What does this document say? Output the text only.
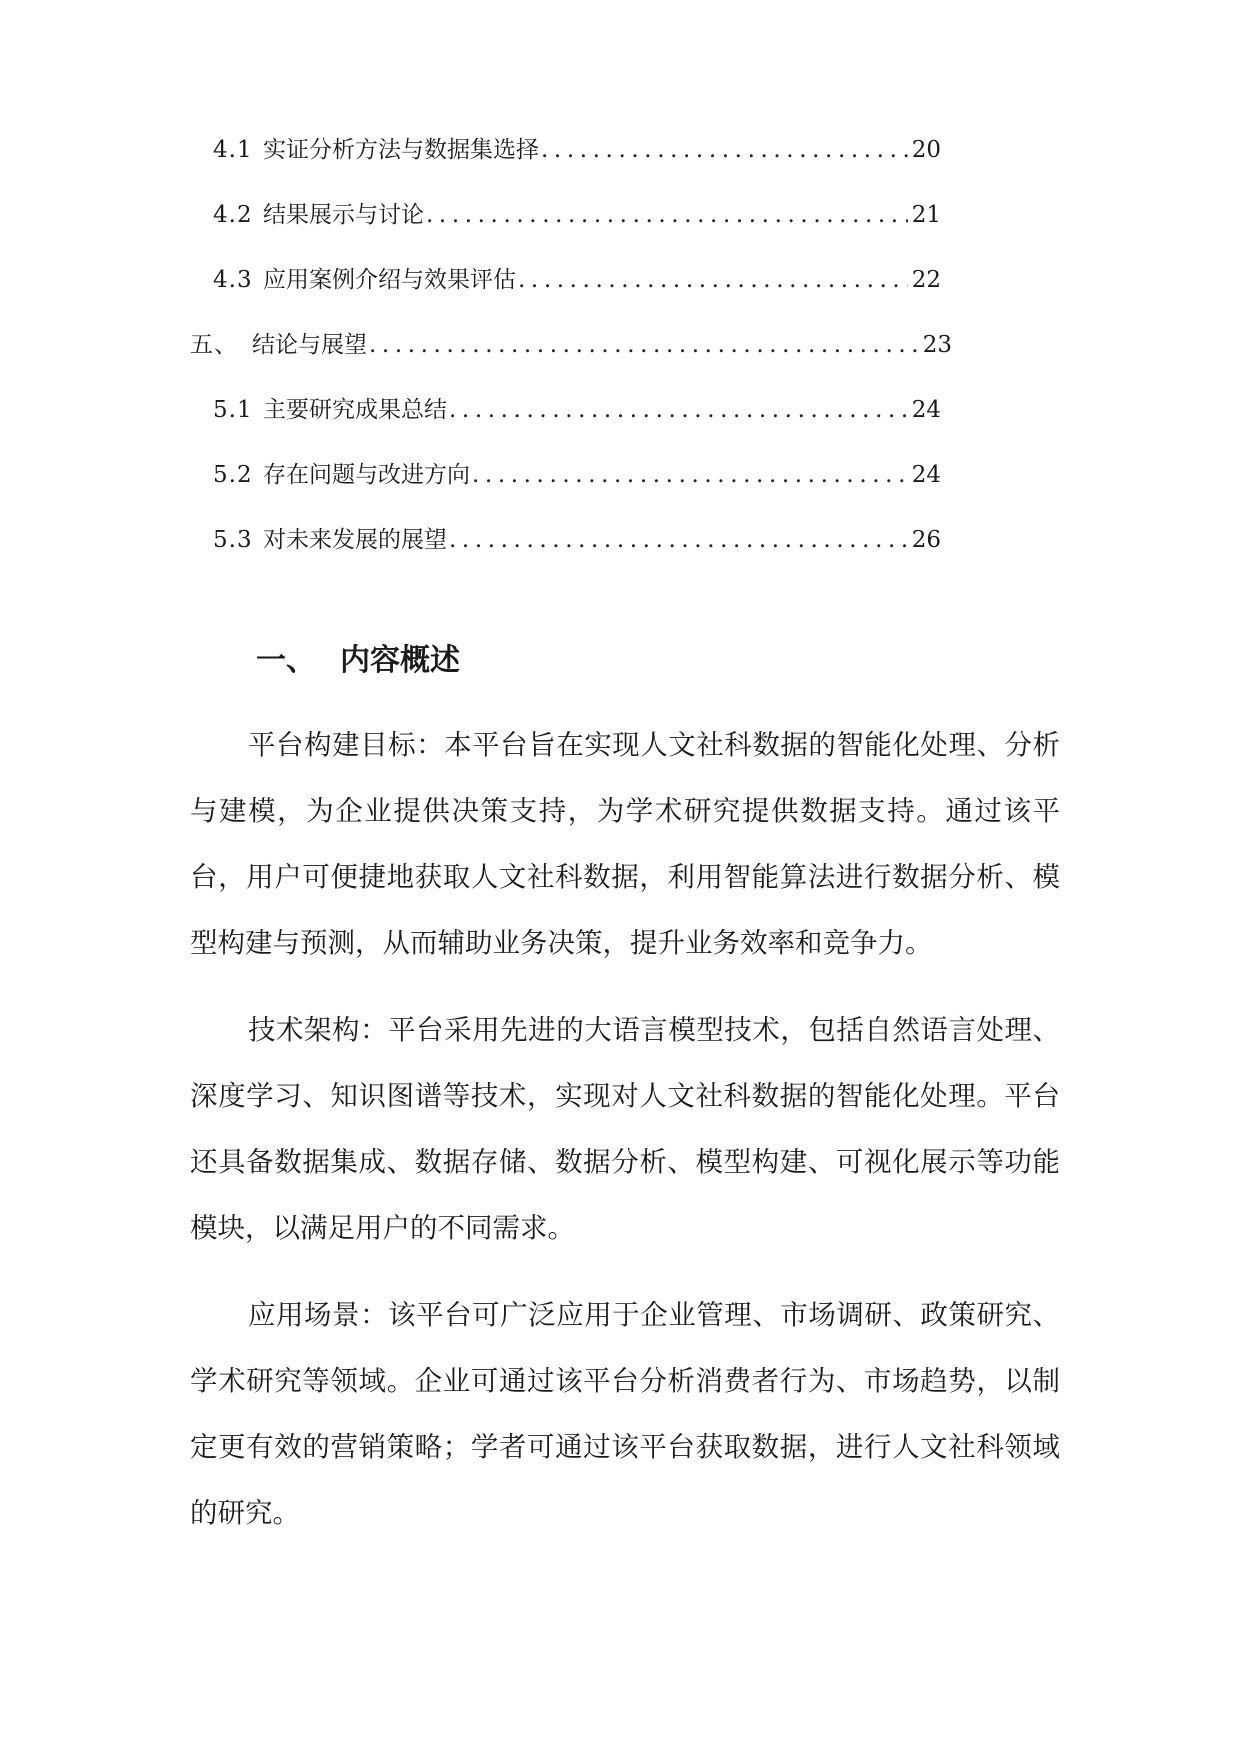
4.1 实证分析方法与数据集选择 .....	20
4.2 结果展示与讨论 .....	21
4.3 应用案例介绍与效果评估 .....	22
五、 结论与展望 .....	23
5.1 主要研究成果总结 .....	24
5.2 存在问题与改进方向 .....	24
5.3 对未来发展的展望 .....	26
一、 内容概述

平台构建目标：本平台旨在实现人文社科数据的智能化处理、分析与建模，为企业提供决策支持，为学术研究提供数据支持。通过该平台，用户可便捷地获取人文社科数据，利用智能算法进行数据分析、模型构建与预测，从而辅助业务决策，提升业务效率和竞争力。

技术架构：平台采用先进的大语言模型技术，包括自然语言处理、深度学习、知识图谱等技术，实现对人文社科数据的智能化处理。平台还具备数据集成、数据存储、数据分析、模型构建、可视化展示等功能模块，以满足用户的不同需求。

应用场景：该平台可广泛应用于企业管理、市场调研、政策研究、学术研究等领域。企业可通过该平台分析消费者行为、市场趋势，以制定更有效的营销策略；学者可通过该平台获取数据，进行人文社科领域的研究。
